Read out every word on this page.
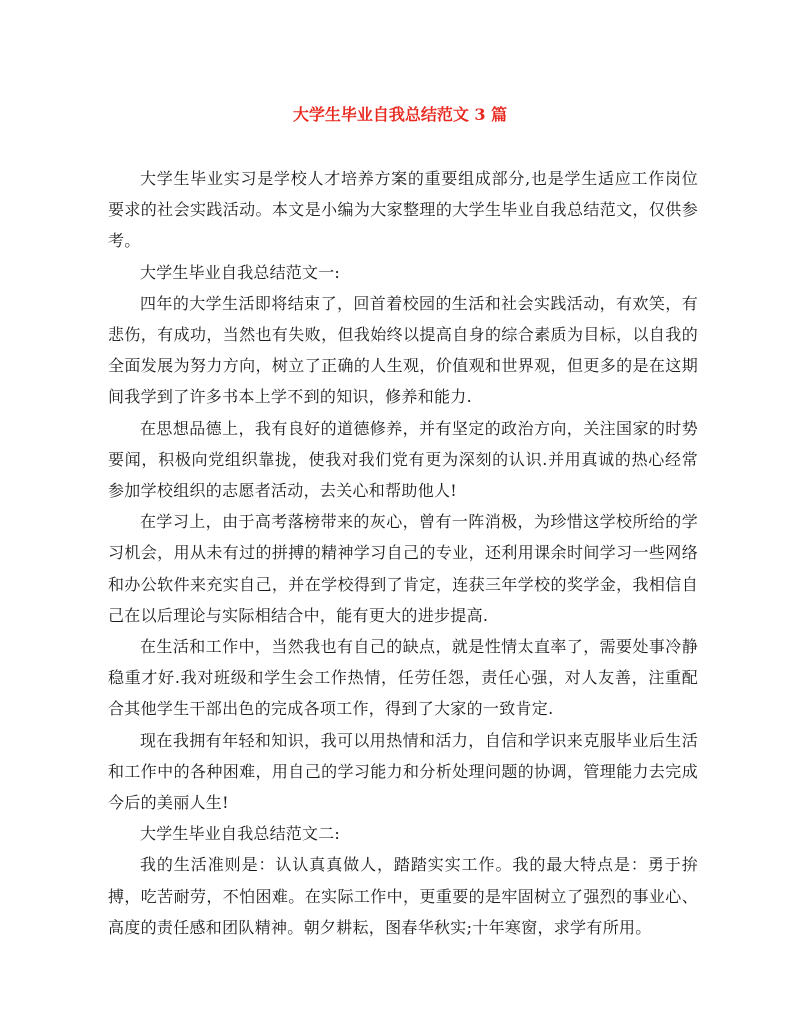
大学生毕业自我总结范文 3 篇

大学生毕业实习是学校人才培养方案的重要组成部分,也是学生适应工作岗位要求的社会实践活动。本文是小编为大家整理的大学生毕业自我总结范文，仅供参考。

大学生毕业自我总结范文一:

四年的大学生活即将结束了，回首着校园的生活和社会实践活动，有欢笑，有悲伤，有成功，当然也有失败，但我始终以提高自身的综合素质为目标，以自我的全面发展为努力方向，树立了正确的人生观，价值观和世界观，但更多的是在这期间我学到了许多书本上学不到的知识，修养和能力.

在思想品德上，我有良好的道德修养，并有坚定的政治方向，关注国家的时势要闻，积极向党组织靠拢，使我对我们党有更为深刻的认识.并用真诚的热心经常参加学校组织的志愿者活动，去关心和帮助他人!

在学习上，由于高考落榜带来的灰心，曾有一阵消极，为珍惜这学校所给的学习机会，用从未有过的拼搏的精神学习自己的专业，还利用课余时间学习一些网络和办公软件来充实自己，并在学校得到了肯定，连获三年学校的奖学金，我相信自己在以后理论与实际相结合中，能有更大的进步提高.

在生活和工作中，当然我也有自己的缺点，就是性情太直率了，需要处事冷静稳重才好.我对班级和学生会工作热情，任劳任怨，责任心强，对人友善，注重配合其他学生干部出色的完成各项工作，得到了大家的一致肯定.

现在我拥有年轻和知识，我可以用热情和活力，自信和学识来克服毕业后生活和工作中的各种困难，用自己的学习能力和分析处理问题的协调，管理能力去完成今后的美丽人生!

大学生毕业自我总结范文二:

我的生活准则是：认认真真做人，踏踏实实工作。我的最大特点是：勇于拚搏，吃苦耐劳，不怕困难。在实际工作中，更重要的是牢固树立了强烈的事业心、高度的责任感和团队精神。朝夕耕耘，图春华秋实;十年寒窗，求学有所用。
